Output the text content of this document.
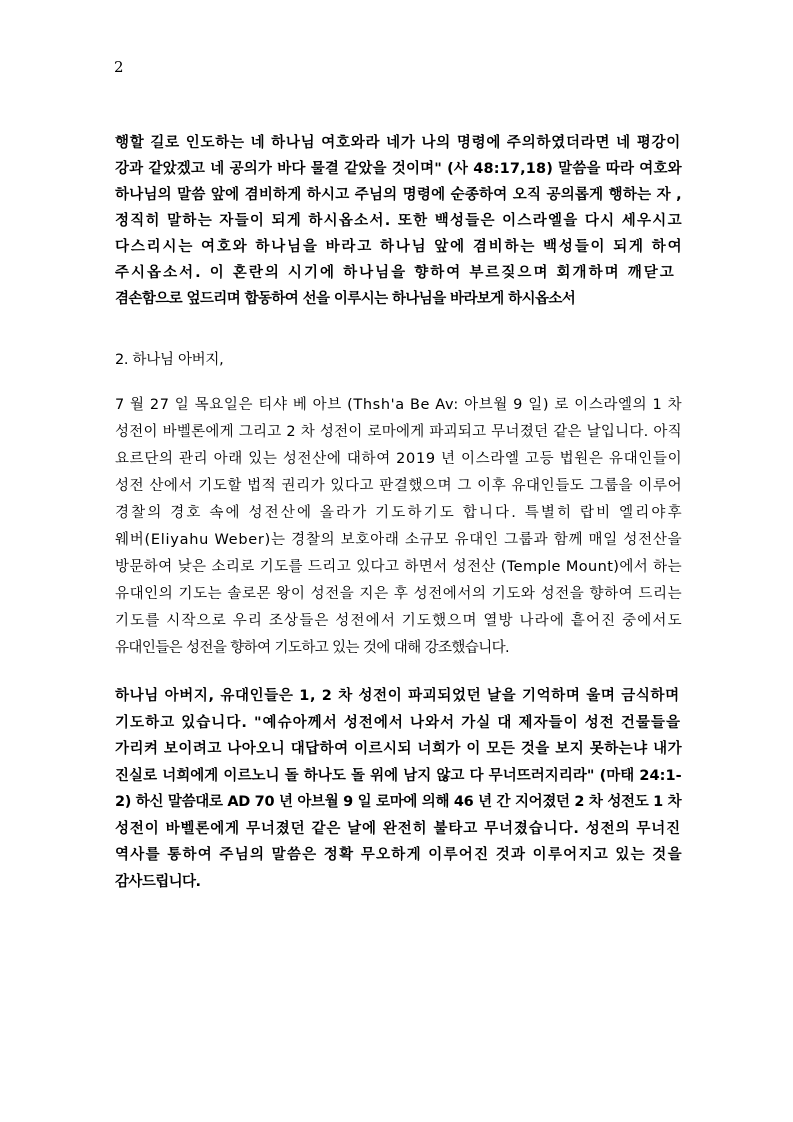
2
행할 길로 인도하는 네 하나님 여호와라 네가 나의 명령에 주의하였더라면 네 평강이
강과 같았겠고 네 공의가 바다 물결 같았을 것이며" (사 48:17,18) 말씀을 따라 여호와
하나님의 말씀 앞에 겸비하게 하시고 주님의 명령에 순종하여 오직 공의롭게 행하는 자 ,
정직히 말하는 자들이 되게 하시옵소서. 또한 백성들은 이스라엘을 다시 세우시고
다스리시는 여호와 하나님을 바라고 하나님 앞에 겸비하는 백성들이 되게 하여
주시옵소서. 이 혼란의 시기에 하나님을 향하여 부르짖으며 회개하며 깨닫고
겸손함으로 엎드리며 합동하여 선을 이루시는 하나님을 바라보게 하시옵소서
2. 하나님 아버지,
7 월 27 일 목요일은 티샤 베 아브 (Thsh'a Be Av: 아브월 9 일) 로 이스라엘의 1 차
성전이 바벨론에게 그리고 2 차 성전이 로마에게 파괴되고 무너졌던 같은 날입니다. 아직
요르단의 관리 아래 있는 성전산에 대하여 2019 년 이스라엘 고등 법원은 유대인들이
성전 산에서 기도할 법적 권리가 있다고 판결했으며 그 이후 유대인들도 그룹을 이루어
경찰의 경호 속에 성전산에 올라가 기도하기도 합니다. 특별히 랍비 엘리야후
웨버(Eliyahu Weber)는 경찰의 보호아래 소규모 유대인 그룹과 함께 매일 성전산을
방문하여 낮은 소리로 기도를 드리고 있다고 하면서 성전산 (Temple Mount)에서 하는
유대인의 기도는 솔로몬 왕이 성전을 지은 후 성전에서의 기도와 성전을 향하여 드리는
기도를 시작으로 우리 조상들은 성전에서 기도했으며 열방 나라에 흩어진 중에서도
유대인들은 성전을 향하여 기도하고 있는 것에 대해 강조했습니다.
하나님 아버지, 유대인들은 1, 2 차 성전이 파괴되었던 날을 기억하며 울며 금식하며
기도하고 있습니다. "예슈아께서 성전에서 나와서 가실 대 제자들이 성전 건물들을
가리켜 보이려고 나아오니 대답하여 이르시되 너희가 이 모든 것을 보지 못하는냐 내가
진실로 너희에게 이르노니 돌 하나도 돌 위에 남지 않고 다 무너뜨러지리라" (마태 24:1-
2) 하신 말씀대로 AD 70 년 아브월 9 일 로마에 의해 46 년 간 지어졌던 2 차 성전도 1 차
성전이 바벨론에게 무너졌던 같은 날에 완전히 불타고 무너졌습니다. 성전의 무너진
역사를 통하여 주님의 말씀은 정확 무오하게 이루어진 것과 이루어지고 있는 것을
감사드립니다.
